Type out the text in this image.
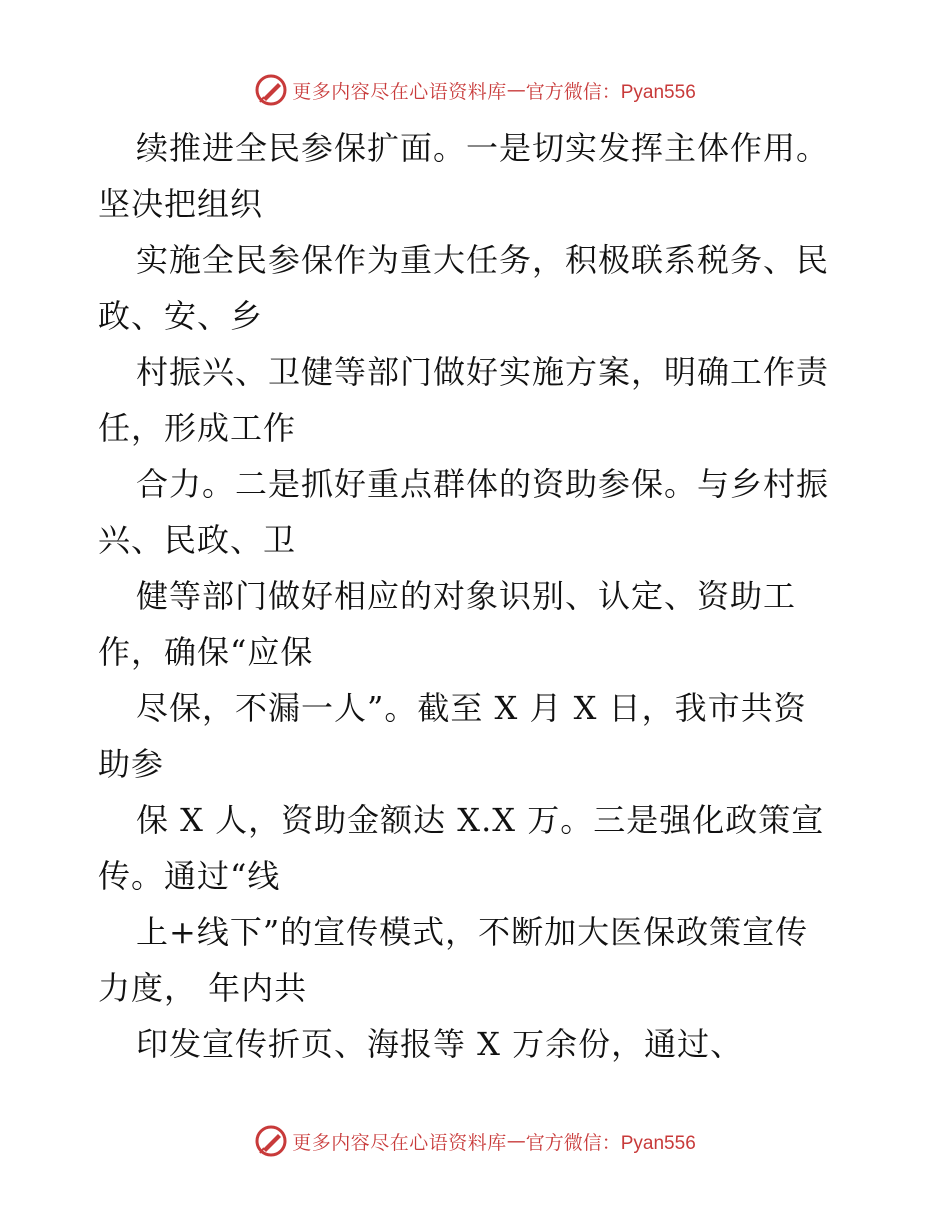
更多内容尽在心语资料库 — 官方微信：Pyan556
续推进全民参保扩面。一是切实发挥主体作用。
坚决把组织
实施全民参保作为重大任务，积极联系税务、民
政、安、乡
村振兴、卫健等部门做好实施方案，明确工作责
任，形成工作
合力。二是抓好重点群体的资助参保。与乡村振
兴、民政、卫
健等部门做好相应的对象识别、认定、资助工
作，确保“应保
尽保，不漏一人”。截至 X 月 X 日，我市共资
助参
保 X 人，资助金额达 X.X 万。三是强化政策宣
传。通过“线
上+线下”的宣传模式，不断加大医保政策宣传
力度， 年内共
印发宣传折页、海报等 X 万余份，通过、
更多内容尽在心语资料库 — 官方微信：Pyan556
